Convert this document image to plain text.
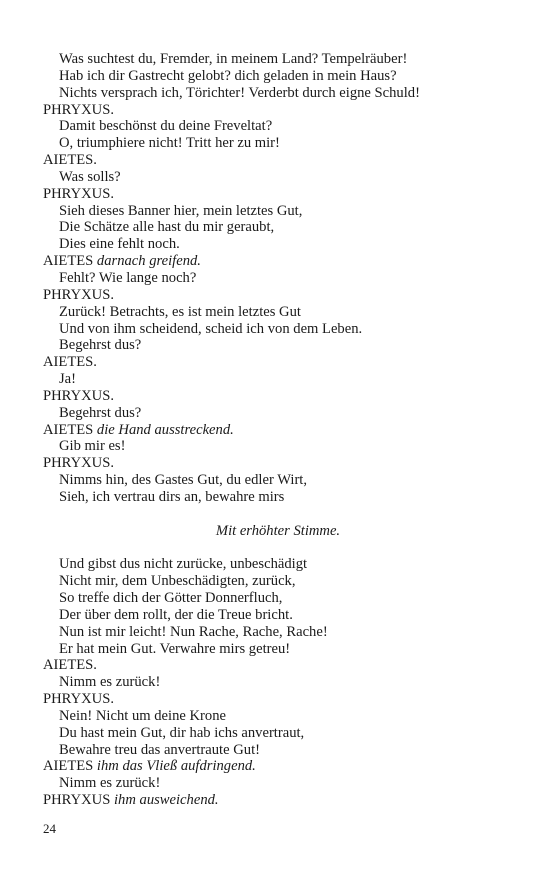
Was suchtest du, Fremder, in meinem Land? Tempelräuber!
Hab ich dir Gastrecht gelobt? dich geladen in mein Haus?
Nichts versprach ich, Törichter! Verderbt durch eigne Schuld!
PHRYXUS.
Damit beschönst du deine Freveltat?
O, triumphiere nicht! Tritt her zu mir!
AIETES.
Was solls?
PHRYXUS.
Sieh dieses Banner hier, mein letztes Gut,
Die Schätze alle hast du mir geraubt,
Dies eine fehlt noch.
AIETES darnach greifend.
Fehlt? Wie lange noch?
PHRYXUS.
Zurück! Betrachts, es ist mein letztes Gut
Und von ihm scheidend, scheid ich von dem Leben.
Begehrst dus?
AIETES.
Ja!
PHRYXUS.
Begehrst dus?
AIETES die Hand ausstreckend.
Gib mir es!
PHRYXUS.
Nimms hin, des Gastes Gut, du edler Wirt,
Sieh, ich vertrau dirs an, bewahre mirs
Mit erhöhter Stimme.
Und gibst dus nicht zurücke, unbeschädigt
Nicht mir, dem Unbeschädigten, zurück,
So treffe dich der Götter Donnerfluch,
Der über dem rollt, der die Treue bricht.
Nun ist mir leicht! Nun Rache, Rache, Rache!
Er hat mein Gut. Verwahre mirs getreu!
AIETES.
Nimm es zurück!
PHRYXUS.
Nein! Nicht um deine Krone
Du hast mein Gut, dir hab ichs anvertraut,
Bewahre treu das anvertraute Gut!
AIETES ihm das Vließ aufdringend.
Nimm es zurück!
PHRYXUS ihm ausweichend.
24
